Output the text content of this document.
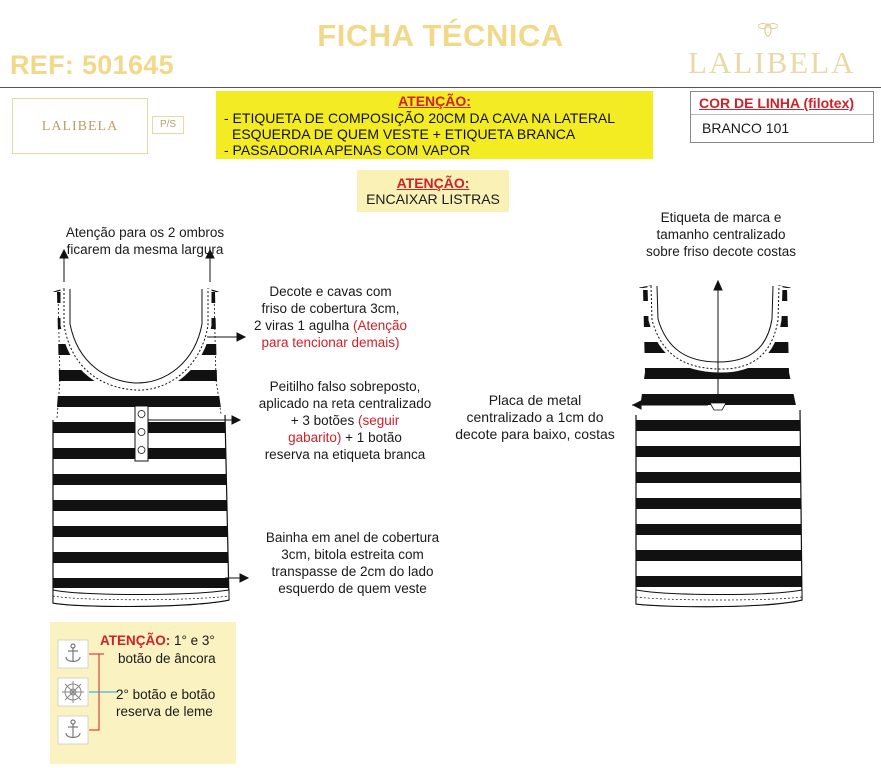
FICHA TÉCNICA
REF: 501645	LALIBELA
LALIBELA	P/S
ATENÇÃO:
- ETIQUETA DE COMPOSIÇÃO 20CM DA CAVA NA LATERAL
ESQUERDA DE QUEM VESTE + ETIQUETA BRANCA
- PASSADORIA APENAS COM VAPOR
COR DE LINHA (filotex)
BRANCO 101
ATENÇÃO:
ENCAIXAR LISTRAS
ATENÇÃO: 1° e 3°
botão de âncora
2° botão e botão
reserva de leme
Atenção para os 2 ombros
ficarem da mesma largura
Decote e cavas com
friso de cobertura 3cm,
2 viras 1 agulha (Atenção
para tencionar demais)
Peitilho falso sobreposto,
aplicado na reta centralizado
+ 3 botões (seguir
gabarito) + 1 botão
reserva na etiqueta branca
Bainha em anel de cobertura
3cm, bitola estreita com
transpasse de 2cm do lado
esquerdo de quem veste
Etiqueta de marca e
tamanho centralizado
sobre friso decote costas
Placa de metal
centralizado a 1cm do
decote para baixo, costas
